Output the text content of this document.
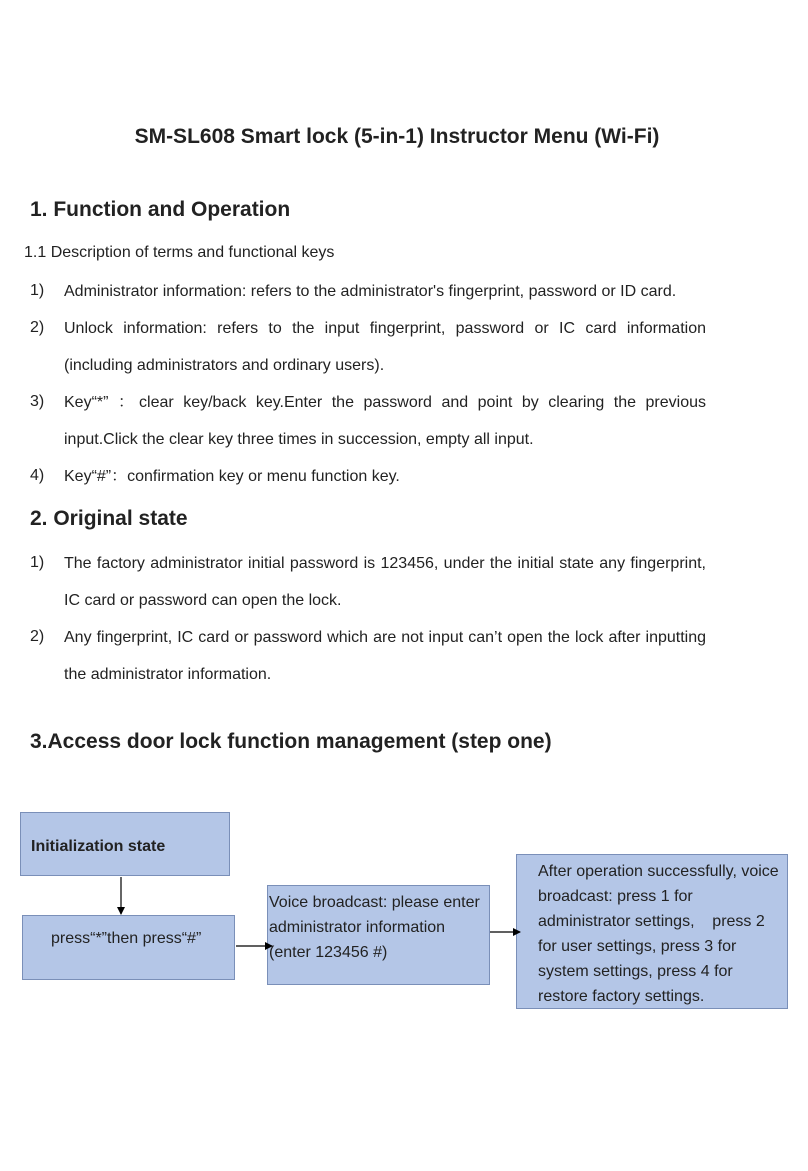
SM-SL608 Smart lock (5-in-1) Instructor Menu (Wi-Fi)
1. Function and Operation
1.1 Description of terms and functional keys
1) Administrator information: refers to the administrator's fingerprint, password or ID card.
2) Unlock information: refers to the input fingerprint, password or IC card information (including administrators and ordinary users).
3) Key“*” ：clear key/back key.Enter the password and point by clearing the previous input.Click the clear key three times in succession, empty all input.
4) Key“#”：confirmation key or menu function key.
2. Original state
1) The factory administrator initial password is 123456, under the initial state any fingerprint, IC card or password can open the lock.
2) Any fingerprint, IC card or password which are not input can’t open the lock after inputting the administrator information.
3.Access door lock function management (step one)
Initialization state
press“*”then press“#”
Voice broadcast: please enter administrator information (enter 123456 #)
After operation successfully, voice broadcast: press 1 for administrator settings,    press 2 for user settings, press 3 for system settings, press 4 for restore factory settings.
